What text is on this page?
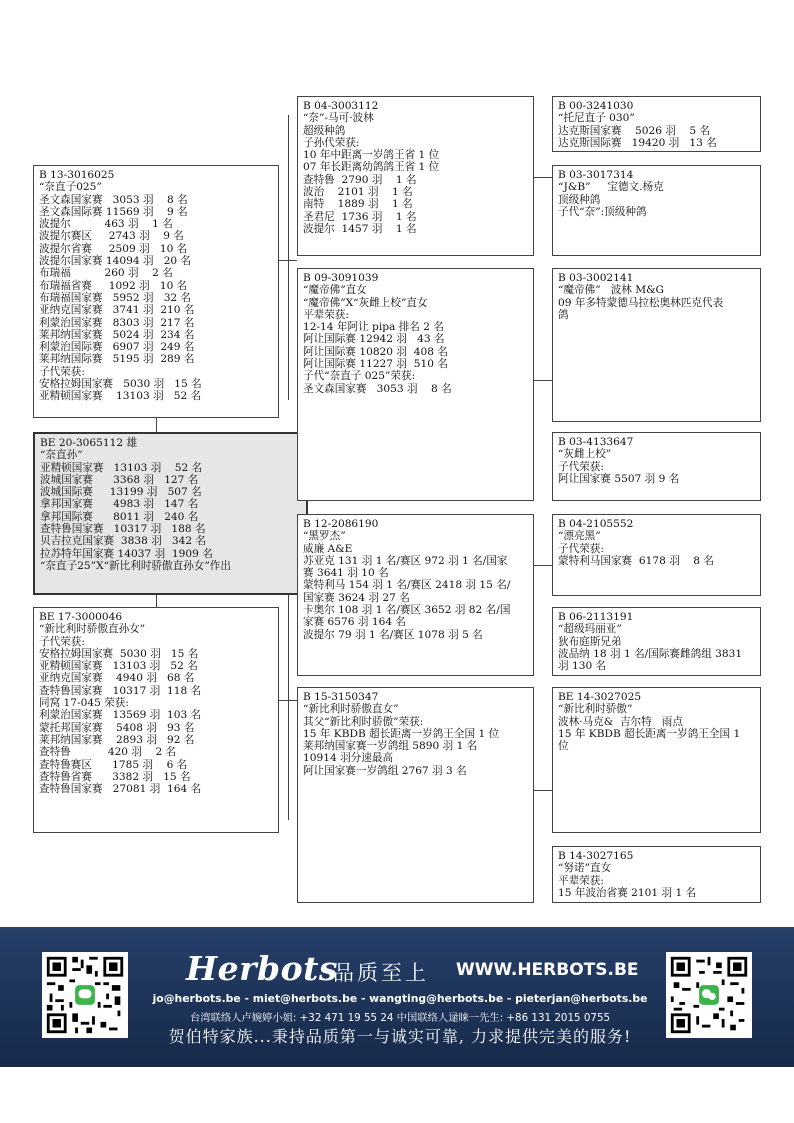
BE 20-3065112 雄
“奈直孙”
亚精顿国家赛   13103 羽    52 名
波城国家赛      3368 羽   127 名
波城国际赛     13199 羽   507 名
拿邦国家赛      4983 羽   147 名
拿邦国际赛      8011 羽   240 名
查特鲁国家赛   10317 羽   188 名
贝吉拉克国家赛  3838 羽   342 名
拉苏特年国家赛 14037 羽  1909 名
“奈直子25”X“新比利时骄傲直孙女”作出
B 13-3016025
“奈直子025”
圣文森国家赛   3053 羽    8 名
圣文森国际赛 11569 羽    9 名
波提尔          463 羽    1 名
波提尔赛区     2743 羽    9 名
波提尔省赛     2509 羽   10 名
波提尔国家赛 14094 羽   20 名
布瑞福          260 羽    2 名
布瑞福省赛     1092 羽   10 名
布瑞福国家赛   5952 羽   32 名
亚纳克国家赛   3741 羽  210 名
利蒙治国家赛   8303 羽  217 名
莱邦纳国家赛   5024 羽  234 名
利蒙治国际赛   6907 羽  249 名
莱邦纳国际赛   5195 羽  289 名
子代荣获:
安格拉姆国家赛   5030 羽   15 名
亚精顿国家赛    13103 羽   52 名
BE 17-3000046
“新比利时骄傲直孙女”
子代荣获:
安格拉姆国家赛  5030 羽   15 名
亚精顿国家赛   13103 羽   52 名
亚纳克国家赛    4940 羽   68 名
查特鲁国家赛   10317 羽  118 名
同窝 17-045 荣获:
利蒙治国家赛   13569 羽  103 名
蒙托邦国家赛    5408 羽   93 名
莱邦纳国家赛    2893 羽   92 名
查特鲁           420 羽    2 名
查特鲁赛区      1785 羽    6 名
查特鲁省赛      3382 羽   15 名
查特鲁国家赛   27081 羽  164 名
B 04-3003112
“奈”-马可·波林
超级种鸽
子孙代荣获:
10 年中距离一岁鸽王省 1 位
07 年长距离幼鸽鸽王省 1 位
查特鲁  2790 羽    1 名
波治    2101 羽    1 名
南特    1889 羽    1 名
圣君尼  1736 羽    1 名
波提尔  1457 羽    1 名
B 09-3091039
“魔帝佛”直女
“魔帝佛”X“灰雌上校”直女
平辈荣获:
12-14 年阿让 pipa 排名 2 名
阿让国际赛 12942 羽   43 名
阿让国际赛 10820 羽  408 名
阿让国际赛 11227 羽  510 名
子代“奈直子 025”荣获:
圣文森国家赛   3053 羽    8 名
B 12-2086190
“黑罗杰”
威廉 A&E
苏亚克 131 羽 1 名/赛区 972 羽 1 名/国家
赛 3641 羽 10 名
蒙特利马 154 羽 1 名/赛区 2418 羽 15 名/
国家赛 3624 羽 27 名
卡奥尔 108 羽 1 名/赛区 3652 羽 82 名/国
家赛 6576 羽 164 名
波提尔 79 羽 1 名/赛区 1078 羽 5 名
B 15-3150347
“新比利时骄傲直女”
其父“新比利时骄傲”荣获:
15 年 KBDB 超长距离一岁鸽王全国 1 位
莱邦纳国家赛一岁鸽组 5890 羽 1 名
10914 羽分速最高
阿让国家赛一岁鸽组 2767 羽 3 名
B 00-3241030
“托尼直子 030”
达克斯国家赛    5026 羽    5 名
达克斯国际赛   19420 羽   13 名
B 03-3017314
“J&B”     宝德文.杨克
顶级种鸽
子代“奈”:顶级种鸽
B 03-3002141
“魔帝佛”   波林 M&G
09 年多特蒙德马拉松奥林匹克代表
鸽
B 03-4133647
“灰雌上校”
子代荣获:
阿让国家赛 5507 羽 9 名
B 04-2105552
“漂亮黑”
子代荣获:
蒙特利马国家赛  6178 羽    8 名
B 06-2113191
“超级玛丽亚”
狄布庭斯兄弟
波品纳 18 羽 1 名/国际赛雌鸽组 3831
羽 130 名
BE 14-3027025
“新比利时骄傲”
波林·马克&  吉尔特   雨点
15 年 KBDB 超长距离一岁鸽王全国 1
位
B 14-3027165
“努诺”直女
平辈荣获:
15 年波治省赛 2101 羽 1 名
Herbots
品质至上 WWW.HERBOTS.BE
jo@herbots.be - miet@herbots.be - wangting@herbots.be - pieterjan@herbots.be
台湾联络人卢婉婷小姐: +32 471 19 55 24 中国联络人逯睐一先生: +86 131 2015 0755
贺伯特家族...秉持品质第一与诚实可靠, 力求提供完美的服务!
